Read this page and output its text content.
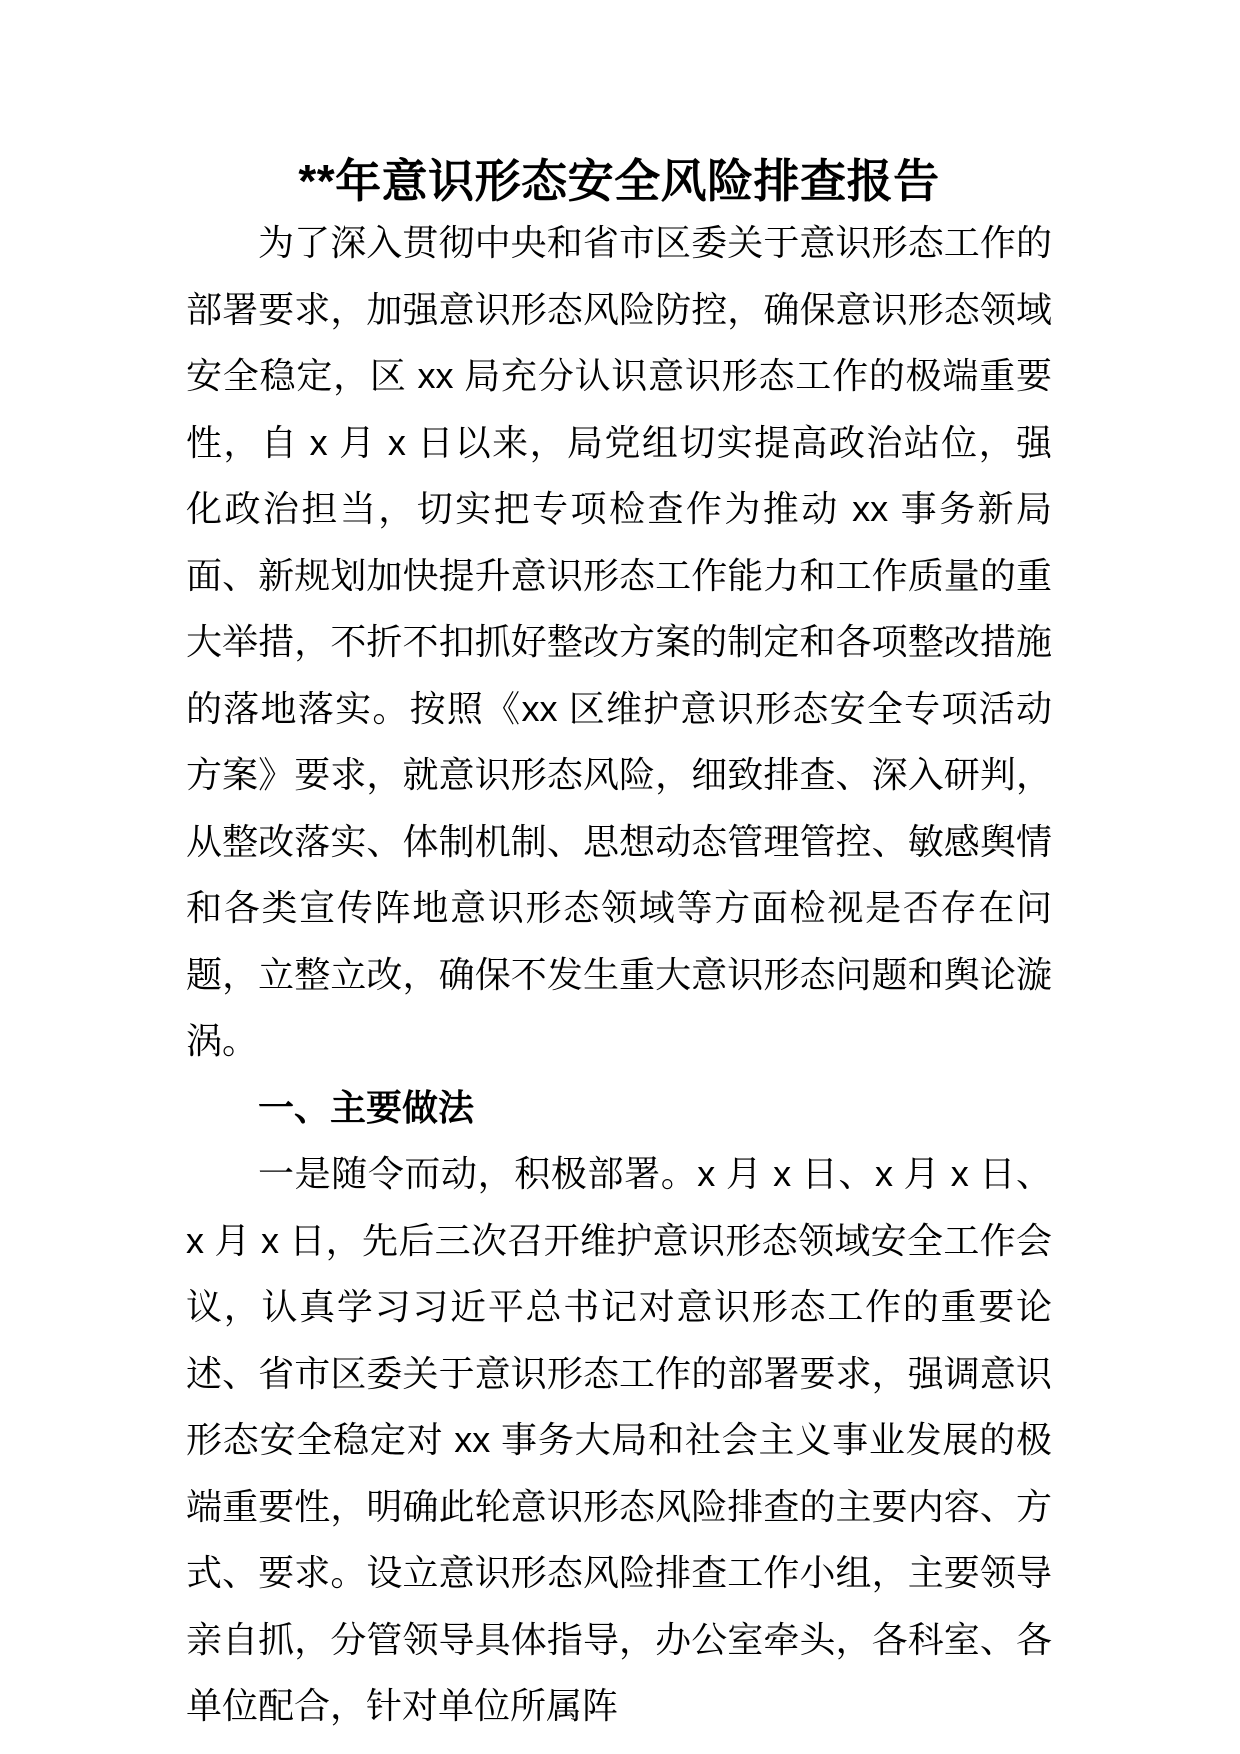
**年意识形态安全风险排查报告

为了深入贯彻中央和省市区委关于意识形态工作的部署要求，加强意识形态风险防控，确保意识形态领域安全稳定，区 xx 局充分认识意识形态工作的极端重要性，自 x 月 x 日以来，局党组切实提高政治站位，强化政治担当，切实把专项检查作为推动 xx 事务新局面、新规划加快提升意识形态工作能力和工作质量的重大举措，不折不扣抓好整改方案的制定和各项整改措施的落地落实。按照《xx 区维护意识形态安全专项活动方案》要求，就意识形态风险，细致排查、深入研判，从整改落实、体制机制、思想动态管理管控、敏感舆情和各类宣传阵地意识形态领域等方面检视是否存在问题，立整立改，确保不发生重大意识形态问题和舆论漩涡。

一、主要做法

一是随令而动，积极部署。x 月 x 日、x 月 x 日、x 月 x 日，先后三次召开维护意识形态领域安全工作会议，认真学习习近平总书记对意识形态工作的重要论述、省市区委关于意识形态工作的部署要求，强调意识形态安全稳定对 xx 事务大局和社会主义事业发展的极端重要性，明确此轮意识形态风险排查的主要内容、方式、要求。设立意识形态风险排查工作小组，主要领导亲自抓，分管领导具体指导，办公室牵头，各科室、各单位配合，针对单位所属阵
